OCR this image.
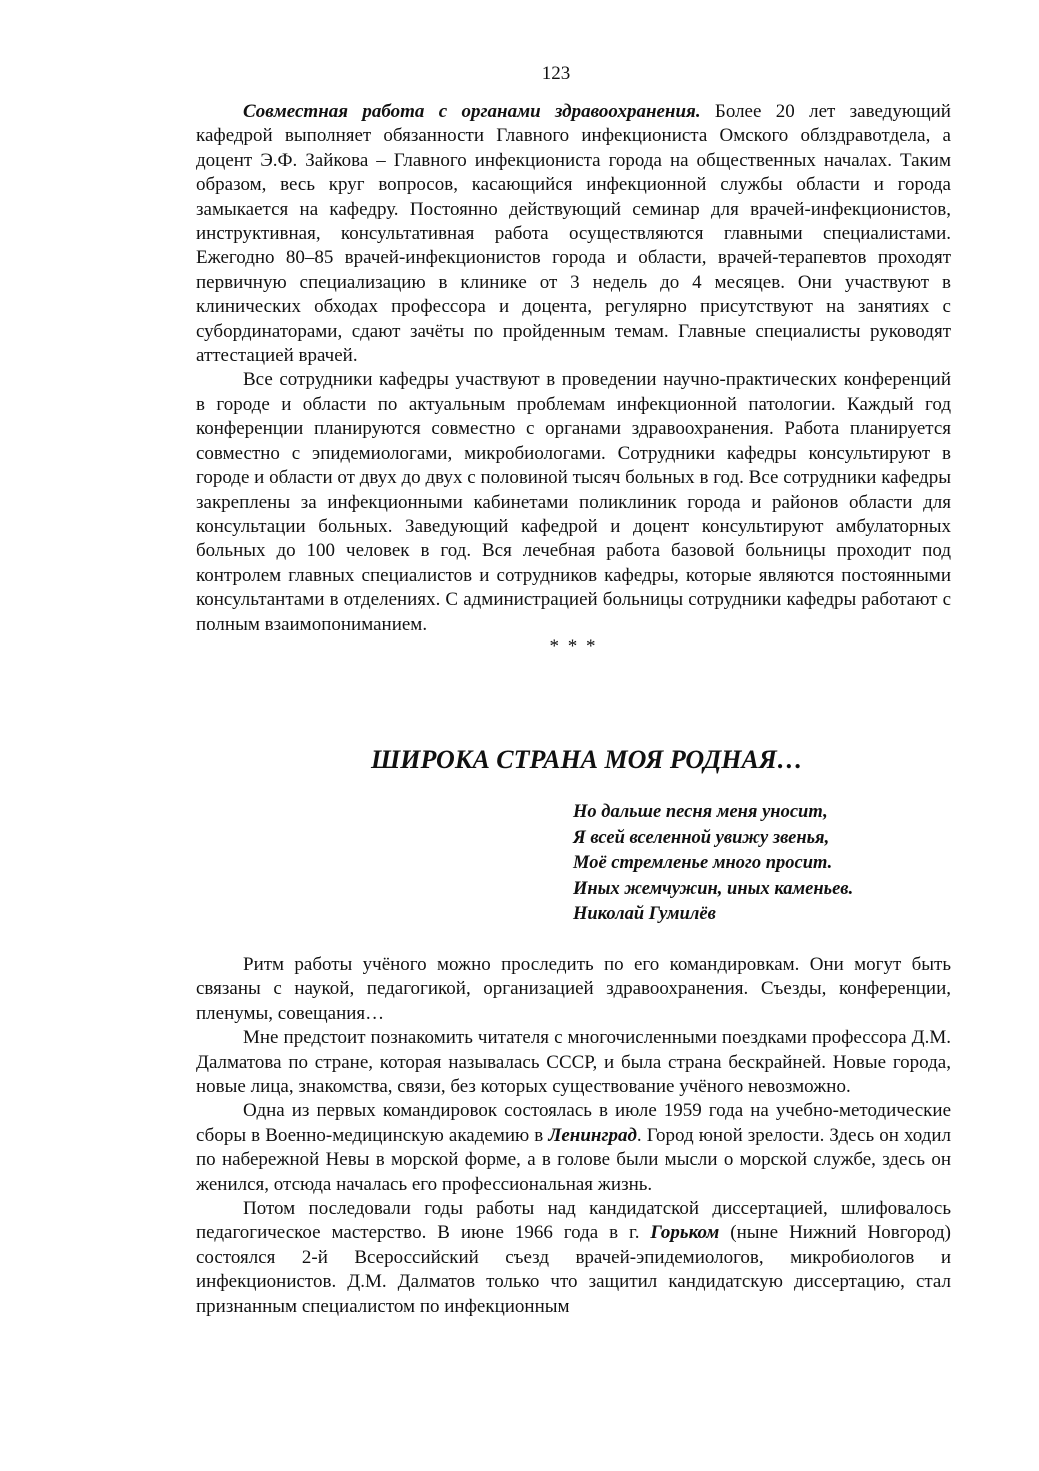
123

Совместная работа с органами здравоохранения. Более 20 лет заведующий кафедрой выполняет обязанности Главного инфекциониста Омского облздравотдела, а доцент Э.Ф. Зайкова – Главного инфекциониста города на общественных началах. Таким образом, весь круг вопросов, касающийся инфекционной службы области и города замыкается на кафедру. Постоянно действующий семинар для врачей-инфекционистов, инструктивная, консультативная работа осуществляются главными специалистами. Ежегодно 80–85 врачей-инфекционистов города и области, врачей-терапевтов проходят первичную специализацию в клинике от 3 недель до 4 месяцев. Они участвуют в клинических обходах профессора и доцента, регулярно присутствуют на занятиях с субординаторами, сдают зачёты по пройденным темам. Главные специалисты руководят аттестацией врачей.

Все сотрудники кафедры участвуют в проведении научно-практических конференций в городе и области по актуальным проблемам инфекционной патологии. Каждый год конференции планируются совместно с органами здравоохранения. Работа планируется совместно с эпидемиологами, микробиологами. Сотрудники кафедры консультируют в городе и области от двух до двух с половиной тысяч больных в год. Все сотрудники кафедры закреплены за инфекционными кабинетами поликлиник города и районов области для консультации больных. Заведующий кафедрой и доцент консультируют амбулаторных больных до 100 человек в год. Вся лечебная работа базовой больницы проходит под контролем главных специалистов и сотрудников кафедры, которые являются постоянными консультантами в отделениях. С администрацией больницы сотрудники кафедры работают с полным взаимопониманием.

* * *

ШИРОКА СТРАНА МОЯ РОДНАЯ…
Но дальше песня меня уносит,
Я всей вселенной увижу звенья,
Моё стремленье много просит.
Иных жемчужин, иных каменьев.
Николай Гумилёв

Ритм работы учёного можно проследить по его командировкам. Они могут быть связаны с наукой, педагогикой, организацией здравоохранения. Съезды, конференции, пленумы, совещания…

Мне предстоит познакомить читателя с многочисленными поездками профессора Д.М. Далматова по стране, которая называлась СССР, и была страна бескрайней. Новые города, новые лица, знакомства, связи, без которых существование учёного невозможно.

Одна из первых командировок состоялась в июле 1959 года на учебно-методические сборы в Военно-медицинскую академию в Ленинград. Город юной зрелости. Здесь он ходил по набережной Невы в морской форме, а в голове были мысли о морской службе, здесь он женился, отсюда началась его профессиональная жизнь.

Потом последовали годы работы над кандидатской диссертацией, шлифовалось педагогическое мастерство. В июне 1966 года в г. Горьком (ныне Нижний Новгород) состоялся 2-й Всероссийский съезд врачей-эпидемиологов, микробиологов и инфекционистов. Д.М. Далматов только что защитил кандидатскую диссертацию, стал признанным специалистом по инфекционным
